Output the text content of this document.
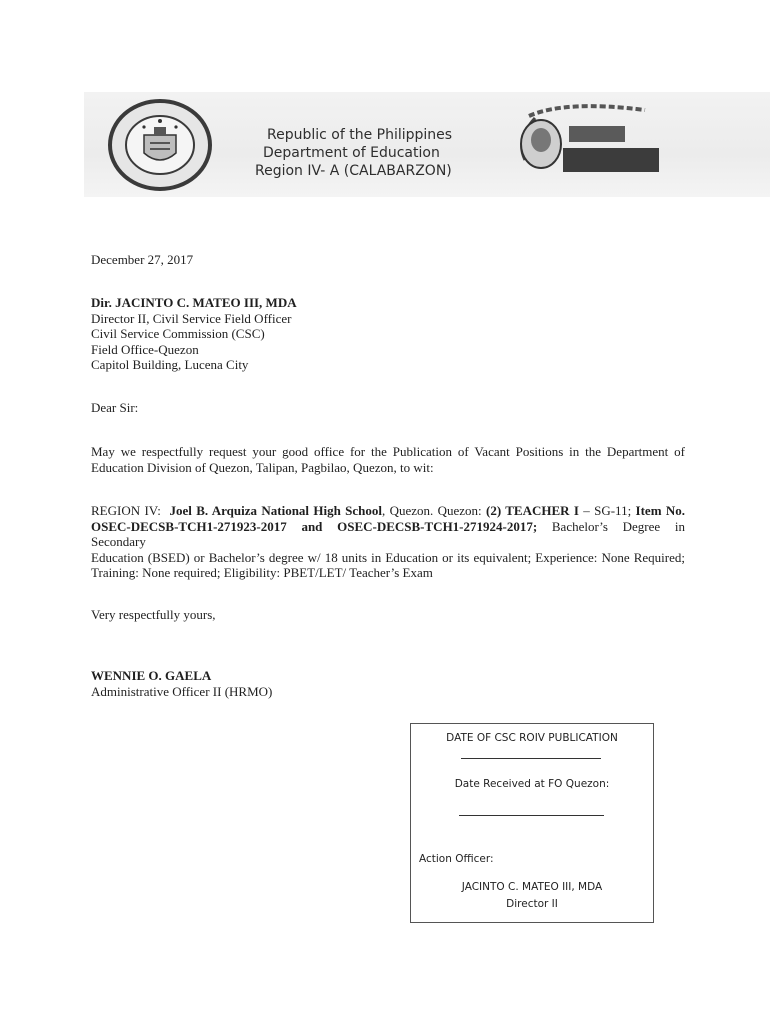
Republic of the Philippines
Department of Education
Region IV- A (CALABARZON)
December 27, 2017
Dir. JACINTO C. MATEO III, MDA
Director II, Civil Service Field Officer
Civil Service Commission (CSC)
Field Office-Quezon
Capitol Building, Lucena City
Dear Sir:
May we respectfully request your good office for the Publication of Vacant Positions in the Department of
Education Division of Quezon, Talipan, Pagbilao, Quezon, to wit:
REGION IV: Joel B. Arquiza National High School, Quezon. Quezon: (2) TEACHER I – SG-11; Item No.
OSEC-DECSB-TCH1-271923-2017 and OSEC-DECSB-TCH1-271924-2017; Bachelor’s Degree in Secondary
Education (BSED) or Bachelor’s degree w/ 18 units in Education or its equivalent; Experience: None Required;
Training: None required; Eligibility: PBET/LET/ Teacher’s Exam
Very respectfully yours,
WENNIE O. GAELA
Administrative Officer II (HRMO)
DATE OF CSC ROIV PUBLICATION
Date Received at FO Quezon:
Action Officer:
JACINTO C. MATEO III, MDA
Director II
